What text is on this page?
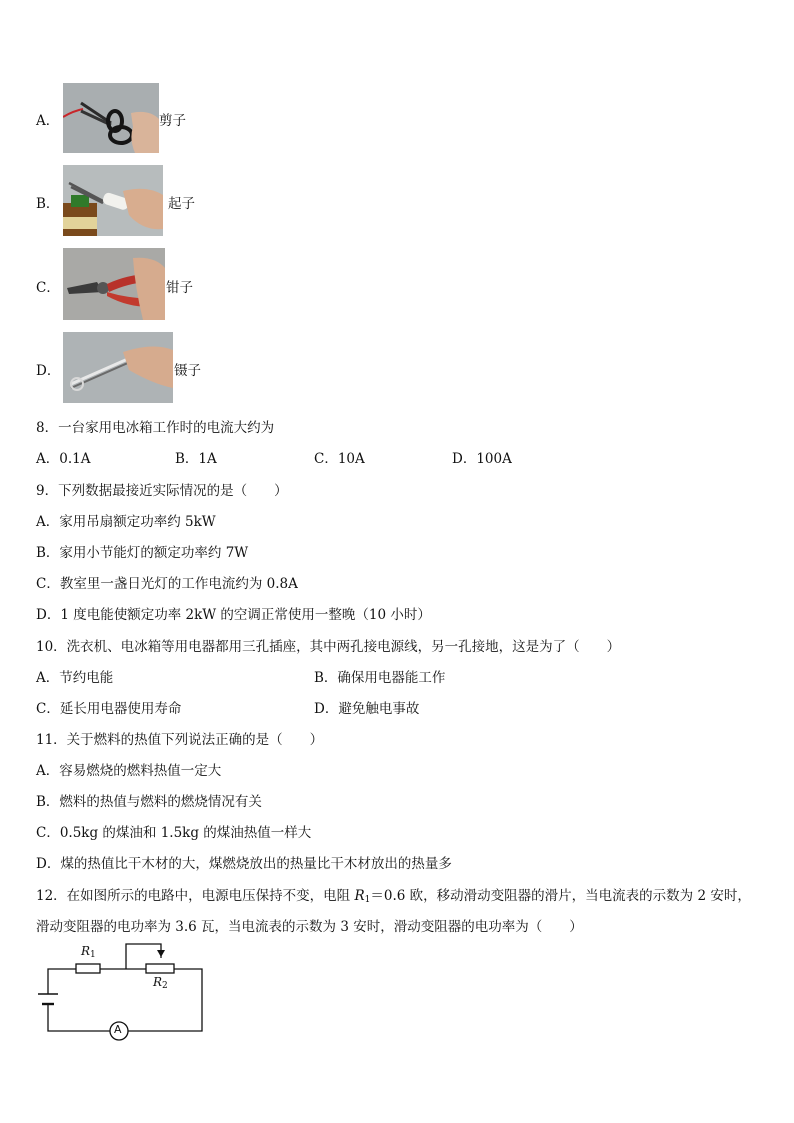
A．	剪子
B．	起子
C．	钳子
D．	镊子
8．一台家用电冰箱工作时的电流大约为
A．0.1A	B．1A	C．10A	D．100A
9．下列数据最接近实际情况的是（　　）
A．家用吊扇额定功率约 5kW
B．家用小节能灯的额定功率约 7W
C．教室里一盏日光灯的工作电流约为 0.8A
D．1 度电能使额定功率 2kW 的空调正常使用一整晚（10 小时）
10．洗衣机、电冰箱等用电器都用三孔插座，其中两孔接电源线，另一孔接地，这是为了（　　）
A．节约电能	B．确保用电器能工作
C．延长用电器使用寿命	D．避免触电事故
11．关于燃料的热值下列说法正确的是（　　）
A．容易燃烧的燃料热值一定大
B．燃料的热值与燃料的燃烧情况有关
C．0.5kg 的煤油和 1.5kg 的煤油热值一样大
D．煤的热值比干木材的大，煤燃烧放出的热量比干木材放出的热量多
12．在如图所示的电路中，电源电压保持不变，电阻 $R_1=0.6$ 欧，移动滑动变阻器的滑片，当电流表的示数为 2 安时，
滑动变阻器的电功率为 3.6 瓦，当电流表的示数为 3 安时，滑动变阻器的电功率为（　　）
$R_1$
$R_2$
A
